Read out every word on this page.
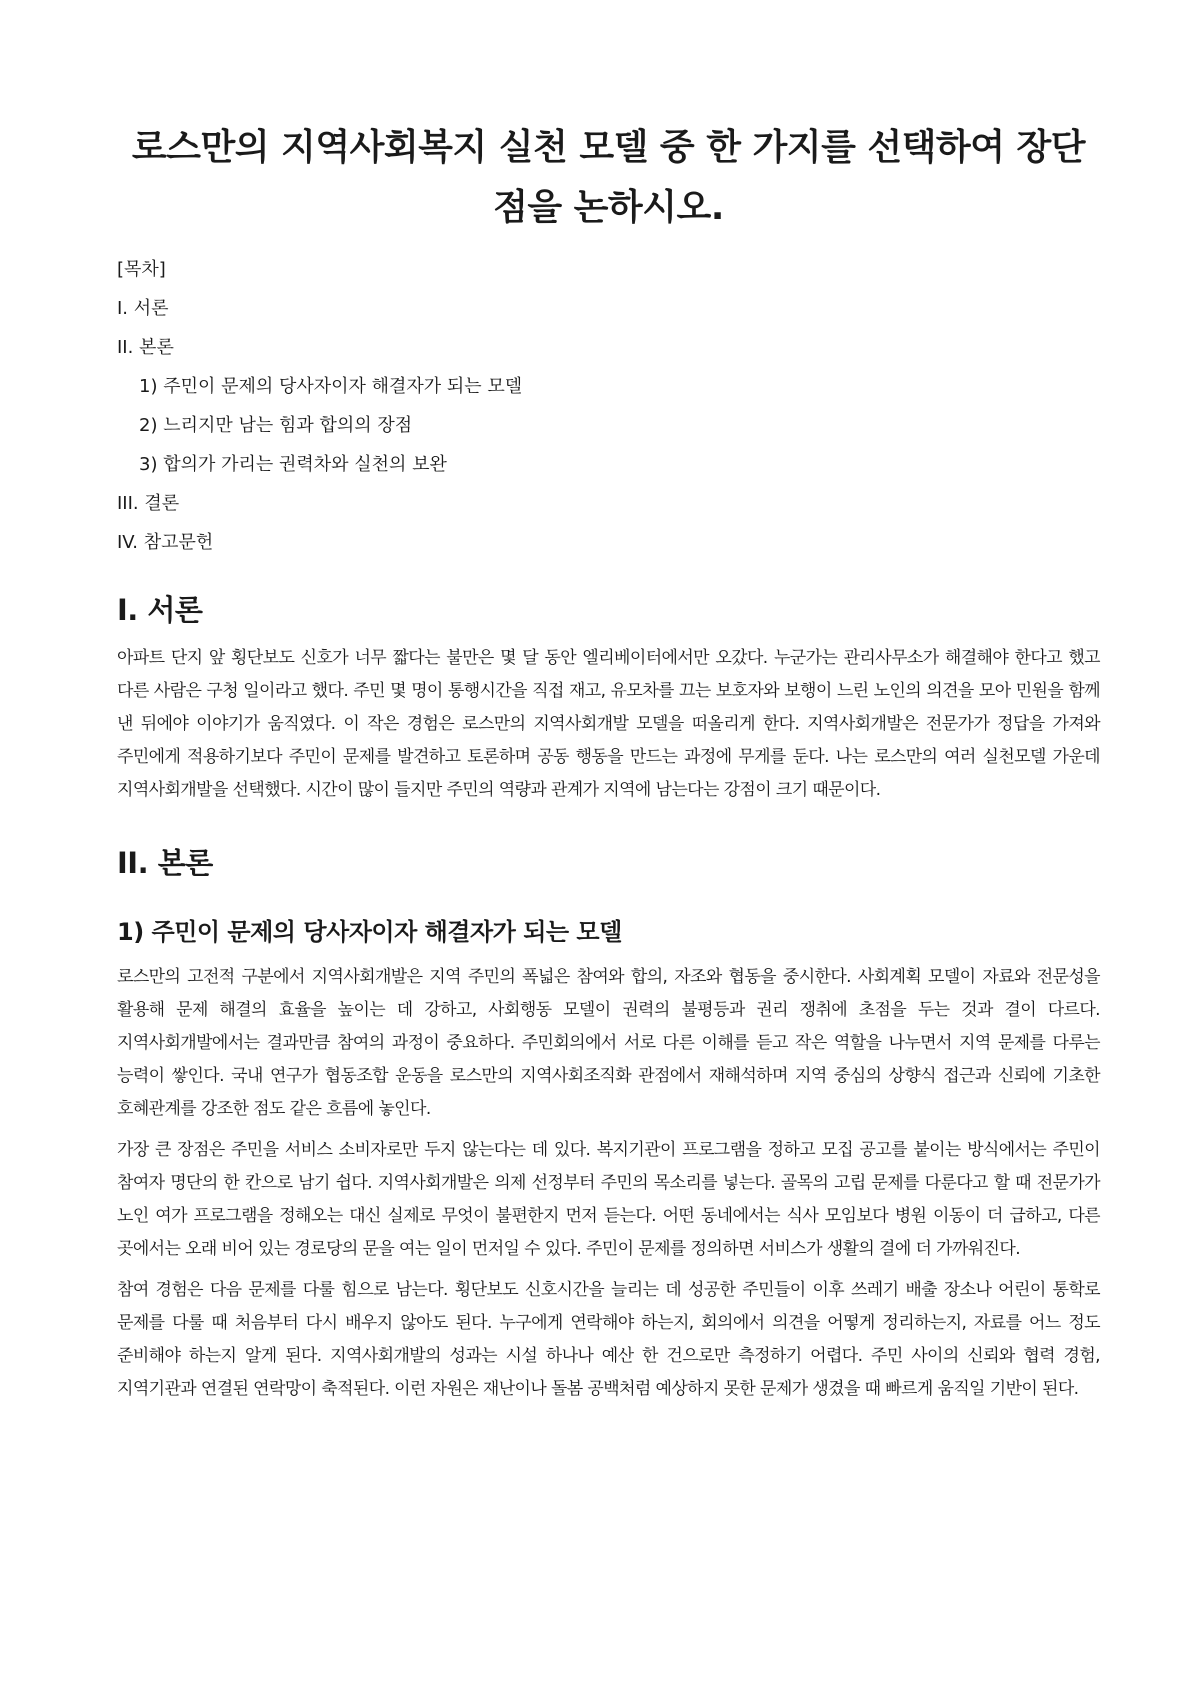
로스만의 지역사회복지 실천 모델 중 한 가지를 선택하여 장단점을 논하시오.
[목차]
I. 서론
II. 본론
1) 주민이 문제의 당사자이자 해결자가 되는 모델
2) 느리지만 남는 힘과 합의의 장점
3) 합의가 가리는 권력차와 실천의 보완
III. 결론
IV. 참고문헌
I. 서론

아파트 단지 앞 횡단보도 신호가 너무 짧다는 불만은 몇 달 동안 엘리베이터에서만 오갔다. 누군가는 관리사무소가 해결해야 한다고 했고 다른 사람은 구청 일이라고 했다. 주민 몇 명이 통행시간을 직접 재고, 유모차를 끄는 보호자와 보행이 느린 노인의 의견을 모아 민원을 함께 낸 뒤에야 이야기가 움직였다. 이 작은 경험은 로스만의 지역사회개발 모델을 떠올리게 한다. 지역사회개발은 전문가가 정답을 가져와 주민에게 적용하기보다 주민이 문제를 발견하고 토론하며 공동 행동을 만드는 과정에 무게를 둔다. 나는 로스만의 여러 실천모델 가운데 지역사회개발을 선택했다. 시간이 많이 들지만 주민의 역량과 관계가 지역에 남는다는 강점이 크기 때문이다.

II. 본론
1) 주민이 문제의 당사자이자 해결자가 되는 모델

로스만의 고전적 구분에서 지역사회개발은 지역 주민의 폭넓은 참여와 합의, 자조와 협동을 중시한다. 사회계획 모델이 자료와 전문성을 활용해 문제 해결의 효율을 높이는 데 강하고, 사회행동 모델이 권력의 불평등과 권리 쟁취에 초점을 두는 것과 결이 다르다. 지역사회개발에서는 결과만큼 참여의 과정이 중요하다. 주민회의에서 서로 다른 이해를 듣고 작은 역할을 나누면서 지역 문제를 다루는 능력이 쌓인다. 국내 연구가 협동조합 운동을 로스만의 지역사회조직화 관점에서 재해석하며 지역 중심의 상향식 접근과 신뢰에 기초한 호혜관계를 강조한 점도 같은 흐름에 놓인다.

가장 큰 장점은 주민을 서비스 소비자로만 두지 않는다는 데 있다. 복지기관이 프로그램을 정하고 모집 공고를 붙이는 방식에서는 주민이 참여자 명단의 한 칸으로 남기 쉽다. 지역사회개발은 의제 선정부터 주민의 목소리를 넣는다. 골목의 고립 문제를 다룬다고 할 때 전문가가 노인 여가 프로그램을 정해오는 대신 실제로 무엇이 불편한지 먼저 듣는다. 어떤 동네에서는 식사 모임보다 병원 이동이 더 급하고, 다른 곳에서는 오래 비어 있는 경로당의 문을 여는 일이 먼저일 수 있다. 주민이 문제를 정의하면 서비스가 생활의 결에 더 가까워진다.

참여 경험은 다음 문제를 다룰 힘으로 남는다. 횡단보도 신호시간을 늘리는 데 성공한 주민들이 이후 쓰레기 배출 장소나 어린이 통학로 문제를 다룰 때 처음부터 다시 배우지 않아도 된다. 누구에게 연락해야 하는지, 회의에서 의견을 어떻게 정리하는지, 자료를 어느 정도 준비해야 하는지 알게 된다. 지역사회개발의 성과는 시설 하나나 예산 한 건으로만 측정하기 어렵다. 주민 사이의 신뢰와 협력 경험, 지역기관과 연결된 연락망이 축적된다. 이런 자원은 재난이나 돌봄 공백처럼 예상하지 못한 문제가 생겼을 때 빠르게 움직일 기반이 된다.
